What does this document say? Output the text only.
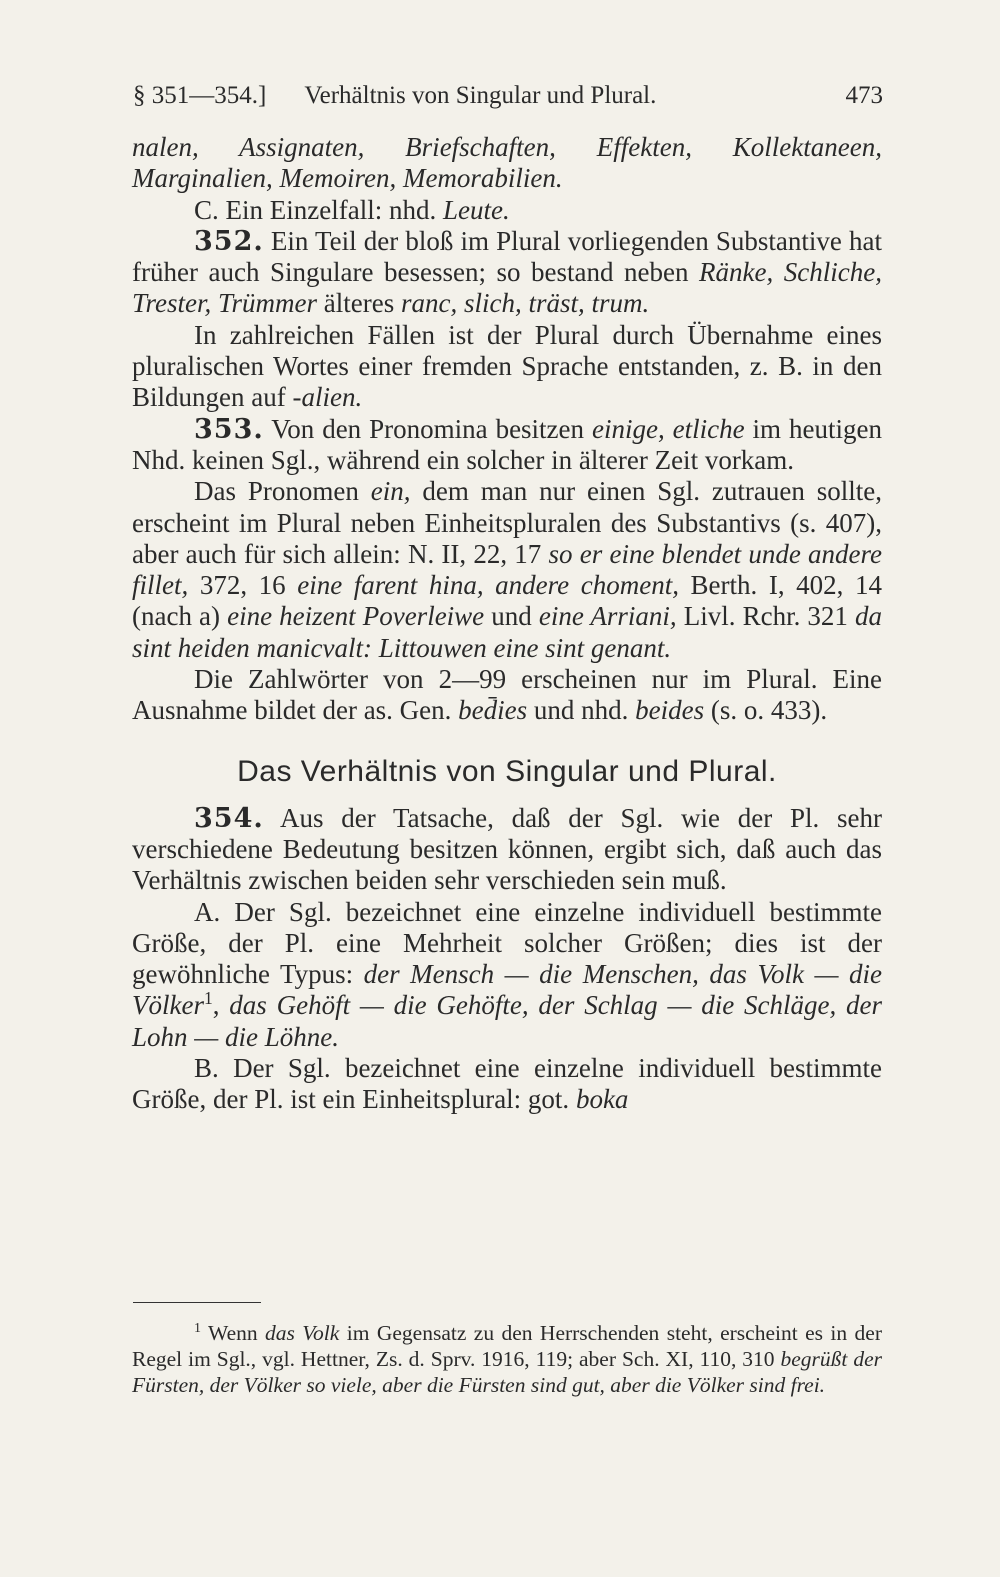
§ 351—354.] Verhältnis von Singular und Plural.	473

nalen, Assignaten, Briefschaften, Effekten, Kollektaneen, Marginalien, Memoiren, Memorabilien.

C. Ein Einzelfall: nhd. Leute.

352. Ein Teil der bloß im Plural vorliegenden Substantive hat früher auch Singulare besessen; so bestand neben Ränke, Schliche, Trester, Trümmer älteres ranc, slich, träst, trum.

In zahlreichen Fällen ist der Plural durch Übernahme eines pluralischen Wortes einer fremden Sprache entstanden, z. B. in den Bildungen auf -alien.

353. Von den Pronomina besitzen einige, etliche im heutigen Nhd. keinen Sgl., während ein solcher in älterer Zeit vorkam.

Das Pronomen ein, dem man nur einen Sgl. zutrauen sollte, erscheint im Plural neben Einheitspluralen des Substantivs (s. 407), aber auch für sich allein: N. II, 22, 17 so er eine blendet unde andere fillet, 372, 16 eine farent hina, andere choment, Berth. I, 402, 14 (nach a) eine heizent Poverleiwe und eine Arriani, Livl. Rchr. 321 da sint heiden manicvalt: Littouwen eine sint genant.

Die Zahlwörter von 2—99 erscheinen nur im Plural. Eine Ausnahme bildet der as. Gen. bed̄ies und nhd. beides (s. o. 433).

Das Verhältnis von Singular und Plural.

354. Aus der Tatsache, daß der Sgl. wie der Pl. sehr verschiedene Bedeutung besitzen können, ergibt sich, daß auch das Verhältnis zwischen beiden sehr verschieden sein muß.

A. Der Sgl. bezeichnet eine einzelne individuell bestimmte Größe, der Pl. eine Mehrheit solcher Größen; dies ist der gewöhnliche Typus: der Mensch — die Menschen, das Volk — die Völker$^1$, das Gehöft — die Gehöfte, der Schlag — die Schläge, der Lohn — die Löhne.

B. Der Sgl. bezeichnet eine einzelne individuell bestimmte Größe, der Pl. ist ein Einheitsplural: got. boka

$^1$ Wenn das Volk im Gegensatz zu den Herrschenden steht, erscheint es in der Regel im Sgl., vgl. Hettner, Zs. d. Sprv. 1916, 119; aber Sch. XI, 110, 310 begrüßt der Fürsten, der Völker so viele, aber die Fürsten sind gut, aber die Völker sind frei.
